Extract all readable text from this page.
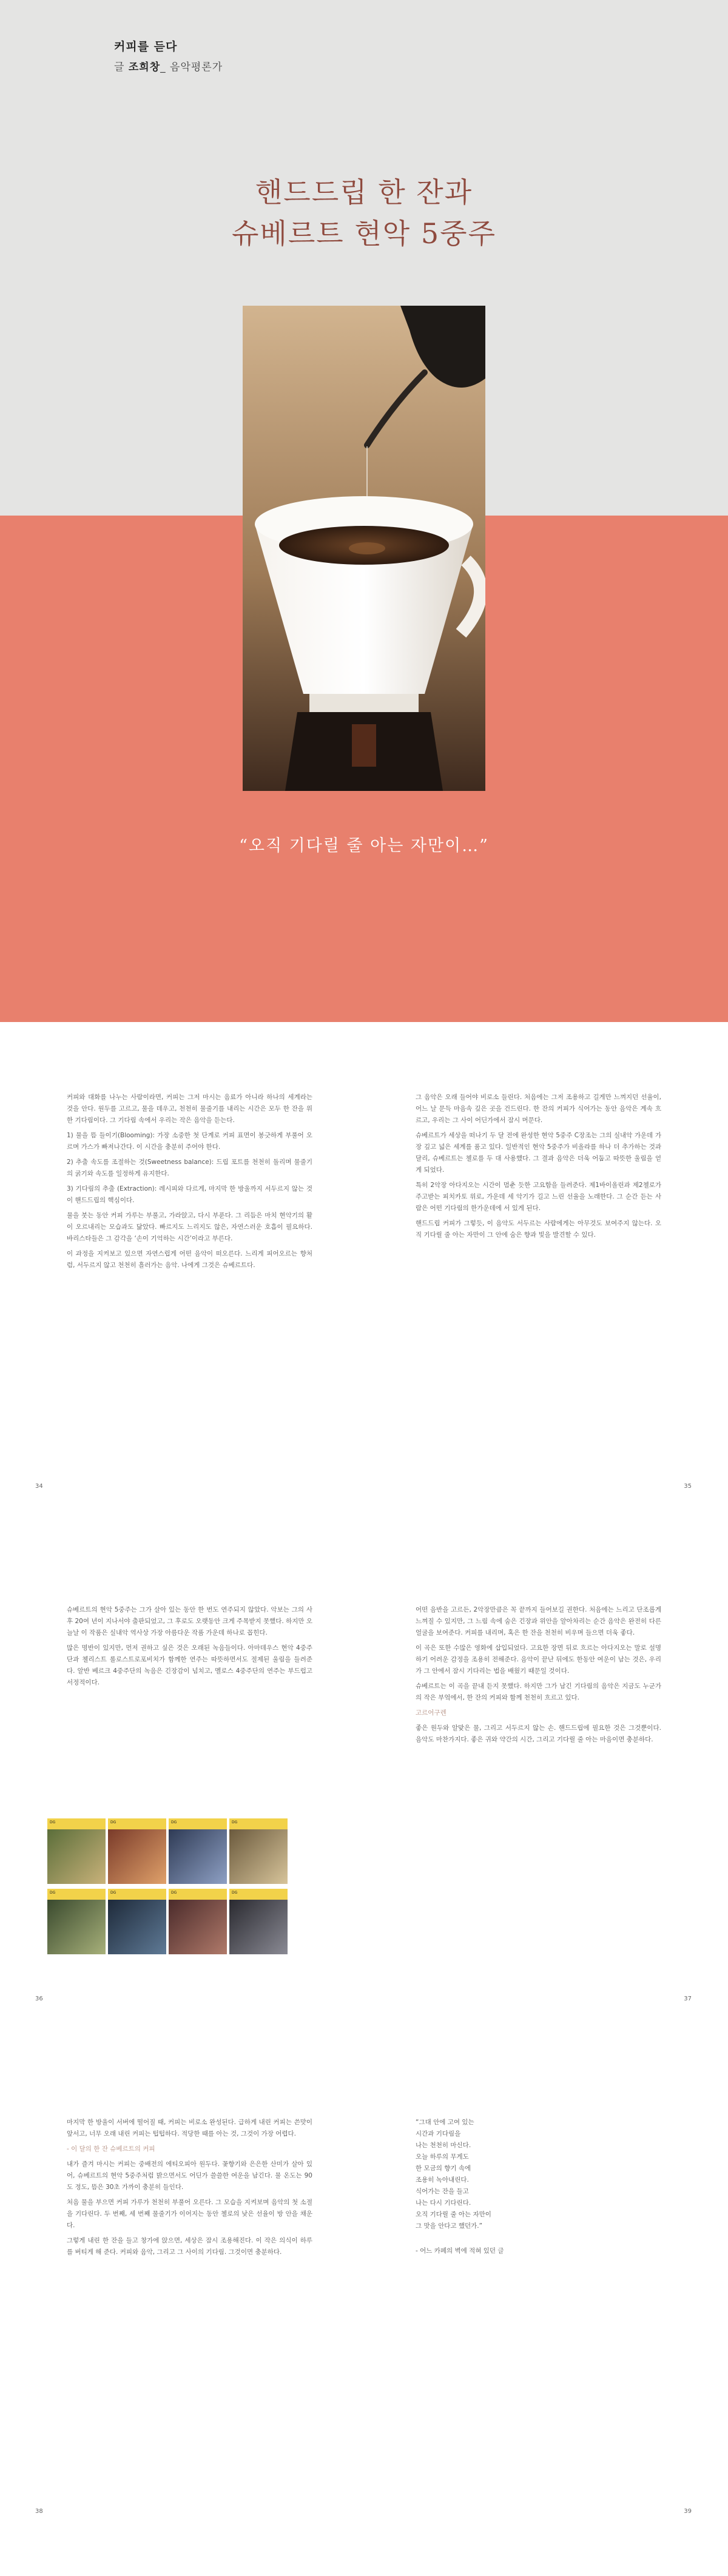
커피를 듣다
글 조희창_ 음악평론가
핸드드립 한 잔과
슈베르트 현악 5중주
“오직 기다릴 줄 아는 자만이…”

커피와 대화를 나누는 사람이라면, 커피는 그저 마시는 음료가 아니라 하나의 세계라는 것을 안다. 원두를 고르고, 물을 데우고, 천천히 물줄기를 내리는 시간은 모두 한 잔을 위한 기다림이다. 그 기다림 속에서 우리는 작은 음악을 듣는다.

1) 물을 뜸 들이기(Blooming): 가장 소중한 첫 단계로 커피 표면이 봉긋하게 부풀어 오르며 가스가 빠져나간다. 이 시간을 충분히 주어야 한다.

2) 추출 속도를 조절하는 것(Sweetness balance): 드립 포트를 천천히 돌리며 물줄기의 굵기와 속도를 일정하게 유지한다.

3) 기다림의 추출 (Extraction): 레시피와 다르게, 마지막 한 방울까지 서두르지 않는 것이 핸드드립의 핵심이다.

물을 붓는 동안 커피 가루는 부풀고, 가라앉고, 다시 부푼다. 그 리듬은 마치 현악기의 활이 오르내리는 모습과도 닮았다. 빠르지도 느리지도 않은, 자연스러운 호흡이 필요하다. 바리스타들은 그 감각을 ‘손이 기억하는 시간’이라고 부른다.

이 과정을 지켜보고 있으면 자연스럽게 어떤 음악이 떠오른다. 느리게 피어오르는 향처럼, 서두르지 않고 천천히 흘러가는 음악. 나에게 그것은 슈베르트다.

34

그 음악은 오래 들어야 비로소 들린다. 처음에는 그저 조용하고 길게만 느껴지던 선율이, 어느 날 문득 마음속 깊은 곳을 건드린다. 한 잔의 커피가 식어가는 동안 음악은 계속 흐르고, 우리는 그 사이 어딘가에서 잠시 머문다.

슈베르트가 세상을 떠나기 두 달 전에 완성한 현악 5중주 C장조는 그의 실내악 가운데 가장 깊고 넓은 세계를 품고 있다. 일반적인 현악 5중주가 비올라를 하나 더 추가하는 것과 달리, 슈베르트는 첼로를 두 대 사용했다. 그 결과 음악은 더욱 어둡고 따뜻한 울림을 얻게 되었다.

특히 2악장 아다지오는 시간이 멈춘 듯한 고요함을 들려준다. 제1바이올린과 제2첼로가 주고받는 피치카토 위로, 가운데 세 악기가 길고 느린 선율을 노래한다. 그 순간 듣는 사람은 어떤 기다림의 한가운데에 서 있게 된다.

핸드드립 커피가 그렇듯, 이 음악도 서두르는 사람에게는 아무것도 보여주지 않는다. 오직 기다릴 줄 아는 자만이 그 안에 숨은 향과 빛을 발견할 수 있다.

35

슈베르트의 현악 5중주는 그가 살아 있는 동안 한 번도 연주되지 않았다. 악보는 그의 사후 20여 년이 지나서야 출판되었고, 그 후로도 오랫동안 크게 주목받지 못했다. 하지만 오늘날 이 작품은 실내악 역사상 가장 아름다운 작품 가운데 하나로 꼽힌다.

많은 명반이 있지만, 먼저 권하고 싶은 것은 오래된 녹음들이다. 아마데우스 현악 4중주단과 첼리스트 롤로스트로포비치가 함께한 연주는 따뜻하면서도 절제된 울림을 들려준다. 알반 베르크 4중주단의 녹음은 긴장감이 넘치고, 멜로스 4중주단의 연주는 부드럽고 서정적이다.

DG	DG	DG	DG
DG	DG	DG	DG
36

어떤 음반을 고르든, 2악장만큼은 꼭 끝까지 들어보길 권한다. 처음에는 느리고 단조롭게 느껴질 수 있지만, 그 느림 속에 숨은 긴장과 위안을 알아차리는 순간 음악은 완전히 다른 얼굴을 보여준다. 커피를 내리며, 혹은 한 잔을 천천히 비우며 들으면 더욱 좋다.

이 곡은 또한 수많은 영화에 삽입되었다. 고요한 장면 뒤로 흐르는 아다지오는 말로 설명하기 어려운 감정을 조용히 전해준다. 음악이 끝난 뒤에도 한동안 여운이 남는 것은, 우리가 그 안에서 잠시 기다리는 법을 배웠기 때문일 것이다.

슈베르트는 이 곡을 끝내 듣지 못했다. 하지만 그가 남긴 기다림의 음악은 지금도 누군가의 작은 부엌에서, 한 잔의 커피와 함께 천천히 흐르고 있다.

고르어구렌

좋은 원두와 알맞은 물, 그리고 서두르지 않는 손. 핸드드립에 필요한 것은 그것뿐이다. 음악도 마찬가지다. 좋은 귀와 약간의 시간, 그리고 기다릴 줄 아는 마음이면 충분하다.

37

마지막 한 방울이 서버에 떨어질 때, 커피는 비로소 완성된다. 급하게 내린 커피는 쓴맛이 앞서고, 너무 오래 내린 커피는 텁텁하다. 적당한 때를 아는 것, 그것이 가장 어렵다.

- 이 달의 한 잔 슈베르트의 커피

내가 즐겨 마시는 커피는 중배전의 에티오피아 원두다. 꽃향기와 은은한 산미가 살아 있어, 슈베르트의 현악 5중주처럼 밝으면서도 어딘가 쓸쓸한 여운을 남긴다. 물 온도는 90도 정도, 뜸은 30초 가까이 충분히 들인다.

처음 물을 부으면 커피 가루가 천천히 부풀어 오른다. 그 모습을 지켜보며 음악의 첫 소절을 기다린다. 두 번째, 세 번째 물줄기가 이어지는 동안 첼로의 낮은 선율이 방 안을 채운다.

그렇게 내린 한 잔을 들고 창가에 앉으면, 세상은 잠시 조용해진다. 이 작은 의식이 하루를 버티게 해 준다. 커피와 음악, 그리고 그 사이의 기다림. 그것이면 충분하다.

38
“그대 안에 고여 있는
시간과 기다림을
나는 천천히 마신다.
오늘 하루의 무게도
한 모금의 향기 속에
조용히 녹아내린다.
식어가는 잔을 들고
나는 다시 기다린다.
오직 기다릴 줄 아는 자만이
그 맛을 안다고 했던가.”
- 어느 카페의 벽에 적혀 있던 글
39
